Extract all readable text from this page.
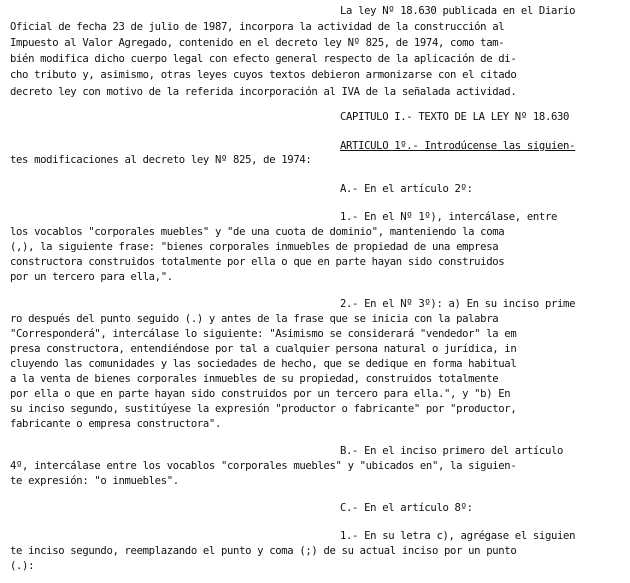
La ley Nº 18.630 publicada en el Diario

Oficial de fecha 23 de julio de 1987, incorpora la actividad de la construcción al

Impuesto al Valor Agregado, contenido en el decreto ley Nº 825, de 1974, como tam-

bién modifica dicho cuerpo legal con efecto general respecto de la aplicación de di-

cho tributo y, asimismo, otras leyes cuyos textos debieron armonizarse con el citado

decreto ley con motivo de la referida incorporación al IVA de la señalada actividad.

CAPITULO I.- TEXTO DE LA LEY Nº 18.630

ARTICULO 1º.- Introdúcense las siguien-

tes modificaciones al decreto ley Nº 825, de 1974:

A.- En el artículo 2º:

1.- En el Nº 1º), intercálase, entre

los vocablos "corporales muebles" y "de una cuota de dominio", manteniendo la coma

(,), la siguiente frase: "bienes corporales inmuebles de propiedad de una empresa

constructora construidos totalmente por ella o que en parte hayan sido construidos

por un tercero para ella,".

2.- En el Nº 3º): a) En su inciso prime

ro después del punto seguido (.) y antes de la frase que se inicia con la palabra

"Corresponderá", intercálase lo siguiente: "Asimismo se considerará "vendedor" la em

presa constructora, entendiéndose por tal a cualquier persona natural o jurídica, in

cluyendo las comunidades y las sociedades de hecho, que se dedique en forma habitual

a la venta de bienes corporales inmuebles de su propiedad, construidos totalmente

por ella o que en parte hayan sido construidos por un tercero para ella.", y "b) En

su inciso segundo, sustitúyese la expresión "productor o fabricante" por "productor,

fabricante o empresa constructora".

B.- En el inciso primero del artículo

4º, intercálase entre los vocablos "corporales muebles" y "ubicados en", la siguien-

te expresión: "o inmuebles".

C.- En el artículo 8º:

1.- En su letra c), agrégase el siguien

te inciso segundo, reemplazando el punto y coma (;) de su actual inciso por un punto

(.):
